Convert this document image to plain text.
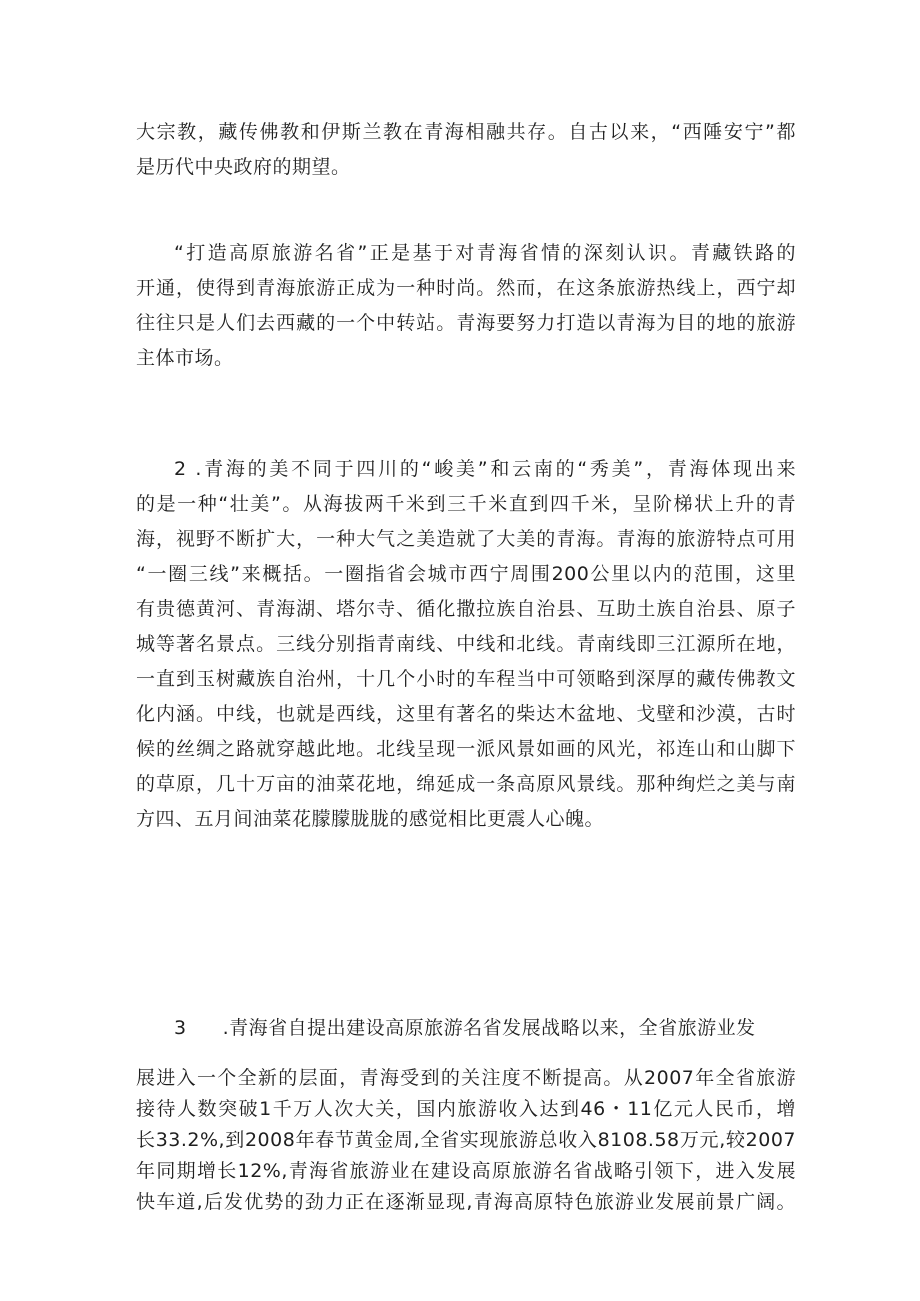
大宗教，藏传佛教和伊斯兰教在青海相融共存。自古以来，“西陲安宁”都
是历代中央政府的期望。
“打造高原旅游名省”正是基于对青海省情的深刻认识。青藏铁路的
开通，使得到青海旅游正成为一种时尚。然而，在这条旅游热线上，西宁却
往往只是人们去西藏的一个中转站。青海要努力打造以青海为目的地的旅游
主体市场。
2 .青海的美不同于四川的“峻美”和云南的“秀美”，青海体现出来
的是一种“壮美”。从海拔两千米到三千米直到四千米，呈阶梯状上升的青
海，视野不断扩大，一种大气之美造就了大美的青海。青海的旅游特点可用
“一圈三线”来概括。一圈指省会城市西宁周围200公里以内的范围，这里
有贵德黄河、青海湖、塔尔寺、循化撒拉族自治县、互助土族自治县、原子
城等著名景点。三线分别指青南线、中线和北线。青南线即三江源所在地，
一直到玉树藏族自治州，十几个小时的车程当中可领略到深厚的藏传佛教文
化内涵。中线，也就是西线，这里有著名的柴达木盆地、戈壁和沙漠，古时
候的丝绸之路就穿越此地。北线呈现一派风景如画的风光，祁连山和山脚下
的草原，几十万亩的油菜花地，绵延成一条高原风景线。那种绚烂之美与南
方四、五月间油菜花朦朦胧胧的感觉相比更震人心魄。
3 .青海省自提出建设高原旅游名省发展战略以来，全省旅游业发
展进入一个全新的层面，青海受到的关注度不断提高。从2007年全省旅游
接待人数突破1千万人次大关，国内旅游收入达到46・11亿元人民币，增
长33.2%,到2008年春节黄金周,全省实现旅游总收入8108.58万元,较2007
年同期增长12%,青海省旅游业在建设高原旅游名省战略引领下，进入发展
快车道,后发优势的劲力正在逐渐显现,青海高原特色旅游业发展前景广阔。
